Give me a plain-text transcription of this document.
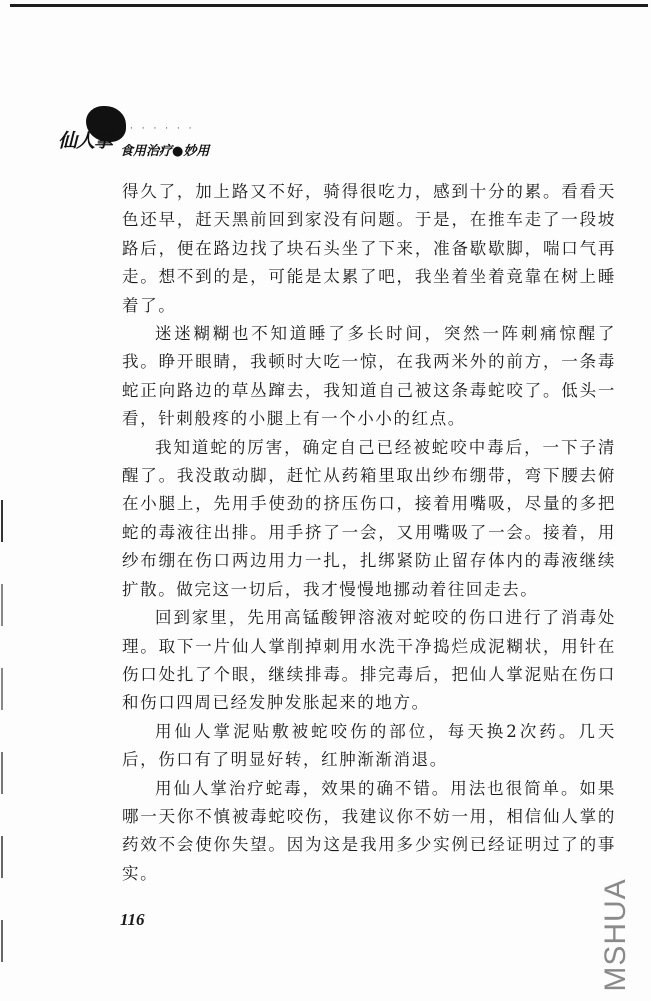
· · · · · ·
仙人掌 食用治疗●妙用

得久了，加上路又不好，骑得很吃力，感到十分的累。看看天色还早，赶天黑前回到家没有问题。于是，在推车走了一段坡路后，便在路边找了块石头坐了下来，准备歇歇脚，喘口气再走。想不到的是，可能是太累了吧，我坐着坐着竟靠在树上睡着了。

迷迷糊糊也不知道睡了多长时间，突然一阵刺痛惊醒了我。睁开眼睛，我顿时大吃一惊，在我两米外的前方，一条毒蛇正向路边的草丛蹿去，我知道自己被这条毒蛇咬了。低头一看，针刺般疼的小腿上有一个小小的红点。

我知道蛇的厉害，确定自己已经被蛇咬中毒后，一下子清醒了。我没敢动脚，赶忙从药箱里取出纱布绷带，弯下腰去俯在小腿上，先用手使劲的挤压伤口，接着用嘴吸，尽量的多把蛇的毒液往出排。用手挤了一会，又用嘴吸了一会。接着，用纱布绷在伤口两边用力一扎，扎绑紧防止留存体内的毒液继续扩散。做完这一切后，我才慢慢地挪动着往回走去。

回到家里，先用高锰酸钾溶液对蛇咬的伤口进行了消毒处理。取下一片仙人掌削掉刺用水洗干净捣烂成泥糊状，用针在伤口处扎了个眼，继续排毒。排完毒后，把仙人掌泥贴在伤口和伤口四周已经发肿发胀起来的地方。

用仙人掌泥贴敷被蛇咬伤的部位，每天换2次药。几天后，伤口有了明显好转，红肿渐渐消退。

用仙人掌治疗蛇毒，效果的确不错。用法也很简单。如果哪一天你不慎被毒蛇咬伤，我建议你不妨一用，相信仙人掌的药效不会使你失望。因为这是我用多少实例已经证明过了的事实。

116	MSHUA
